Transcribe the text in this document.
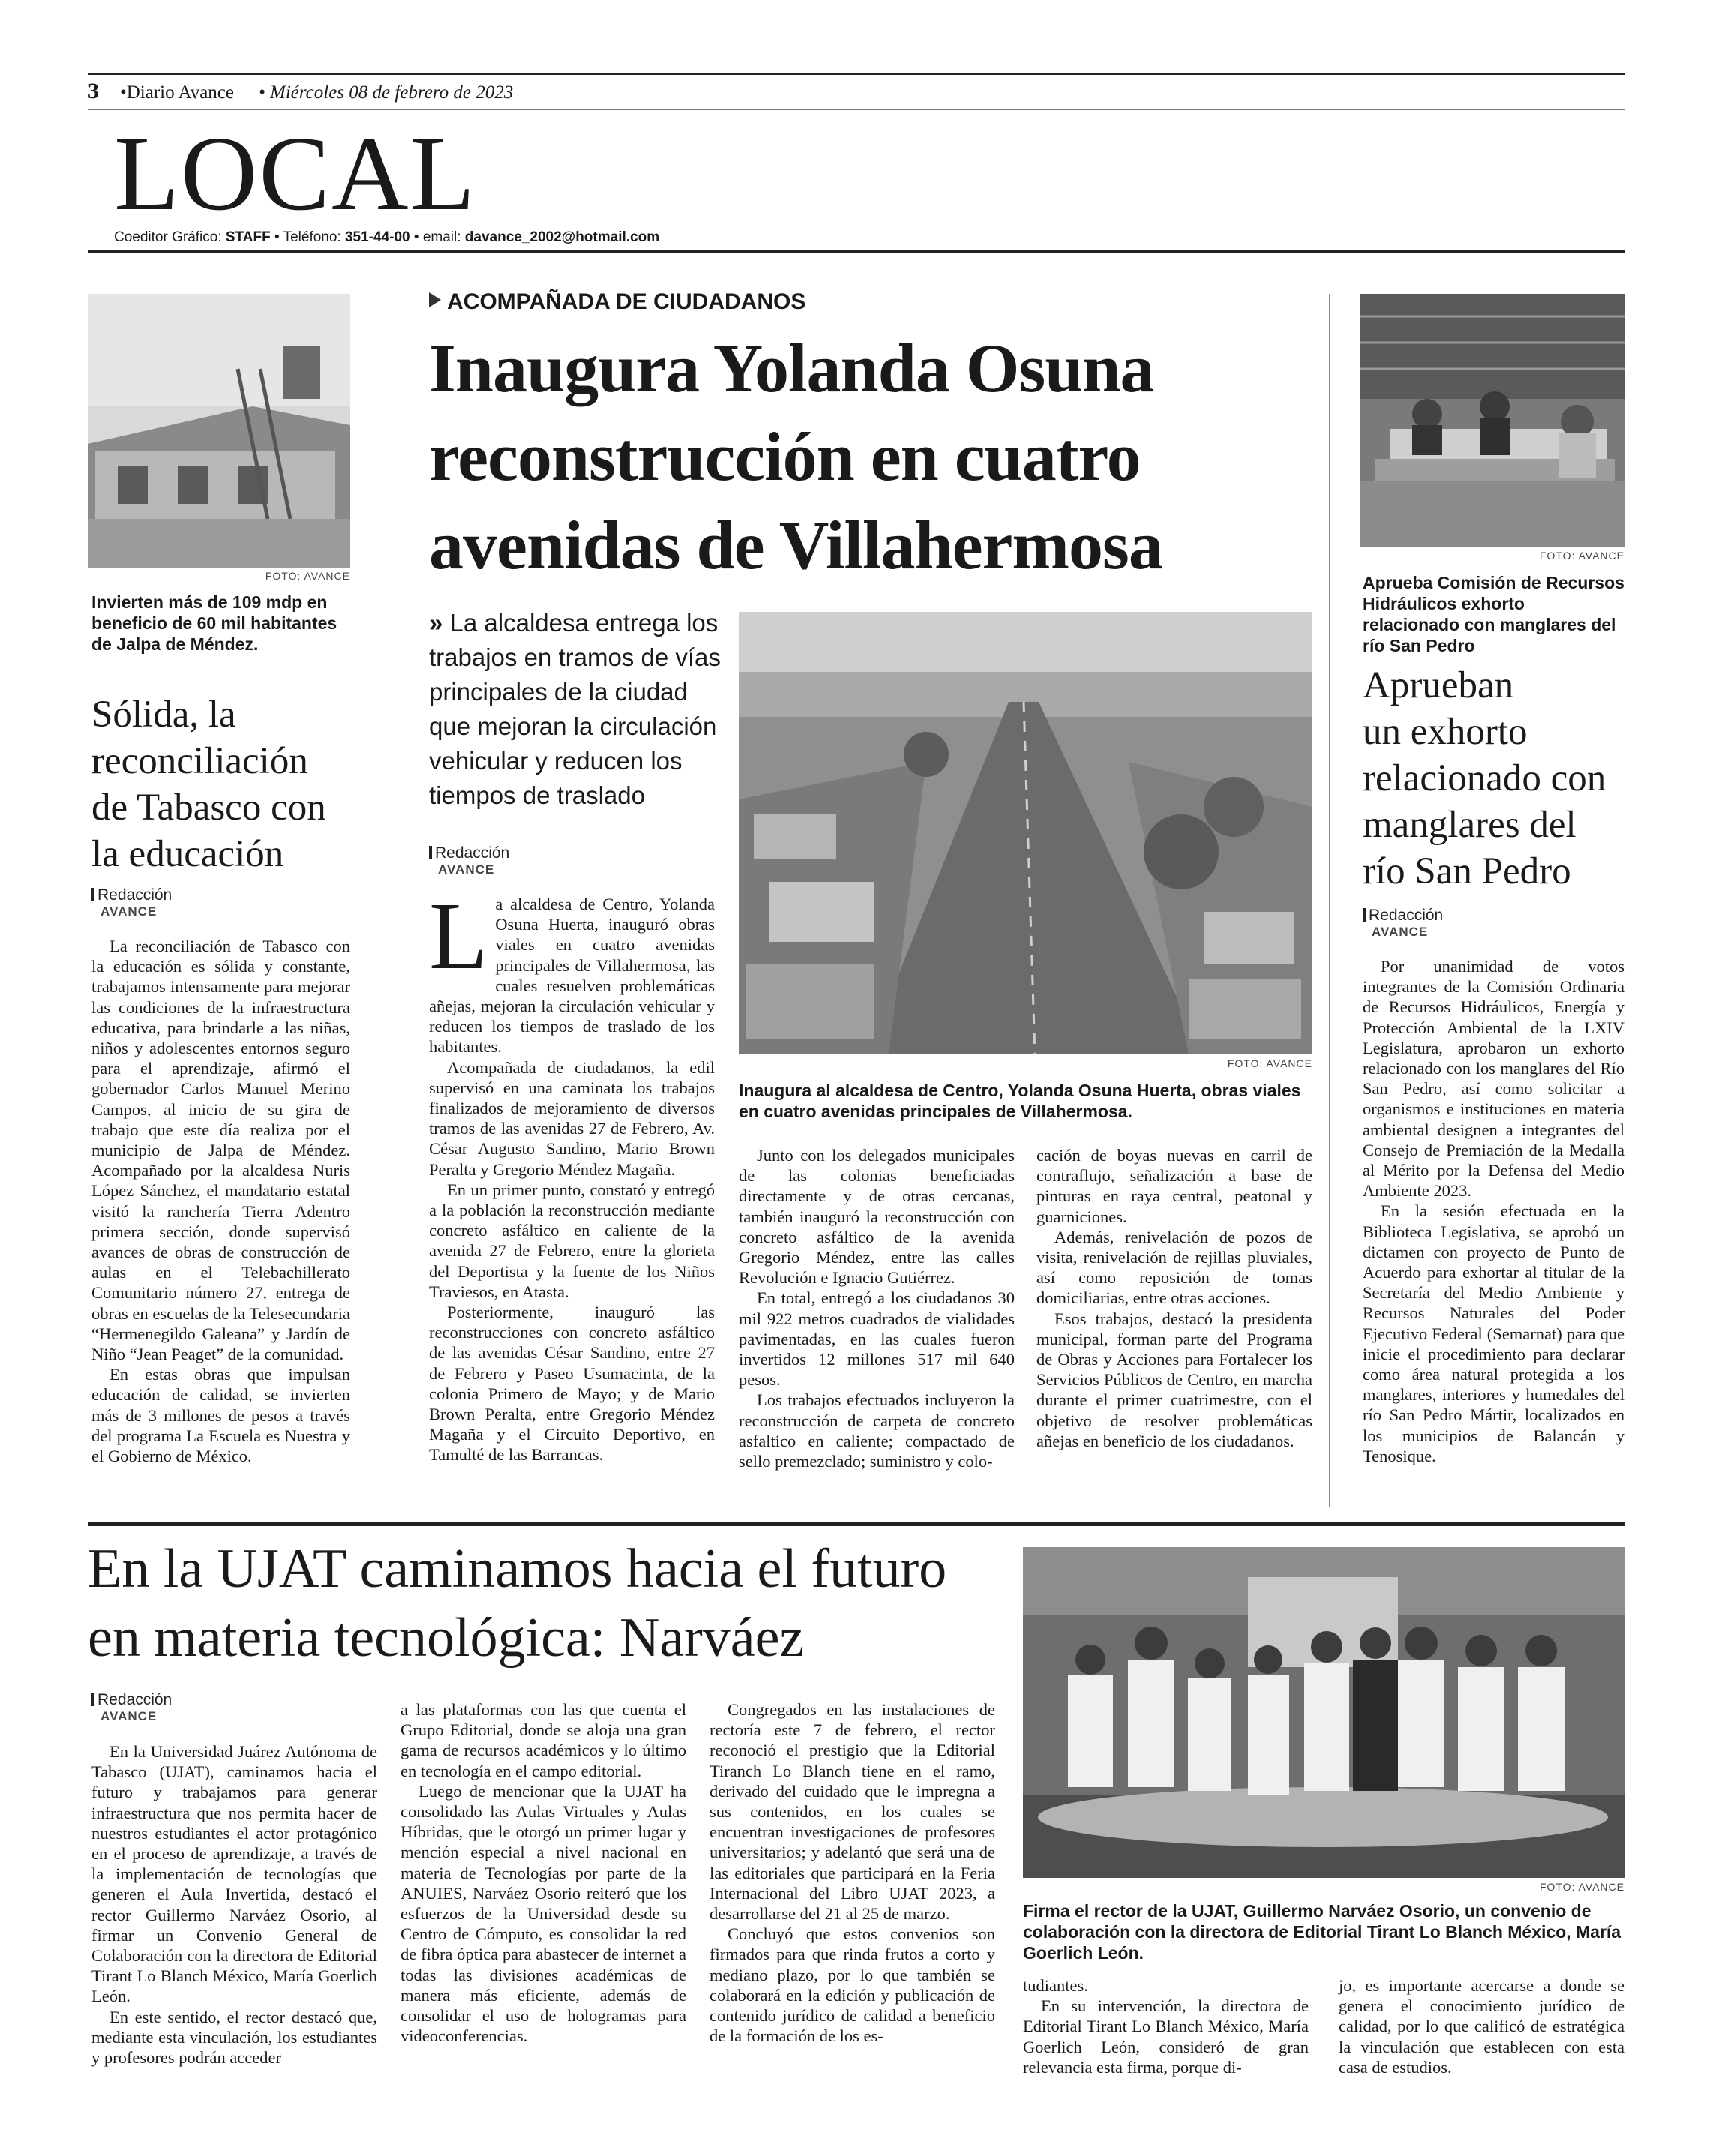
3 •Diario Avance • Miércoles 08 de febrero de 2023
LOCAL
Coeditor Gráfico: STAFF • Teléfono: 351-44-00 • email: davance_2002@hotmail.com
FOTO: AVANCE
Invierten más de 109 mdp en beneficio de 60 mil habitantes de Jalpa de Méndez.
Sólida, la
reconciliación
de Tabasco con
la educación
Redacción
AVANCE

La reconciliación de Tabasco con la educación es sólida y constante, trabajamos intensamente para mejorar las condiciones de la infraestructura educativa, para brindarle a las niñas, niños y adolescentes entornos seguro para el aprendizaje, afirmó el gobernador Carlos Manuel Merino Campos, al inicio de su gira de trabajo que este día realiza por el municipio de Jalpa de Méndez. Acompañado por la alcaldesa Nuris López Sánchez, el mandatario estatal visitó la ranchería Tierra Adentro primera sección, donde supervisó avances de obras de construcción de aulas en el Telebachillerato Comunitario número 27, entrega de obras en escuelas de la Telesecundaria “Hermenegildo Galeana” y Jardín de Niño “Jean Peaget” de la comunidad.

En estas obras que impulsan educación de calidad, se invierten más de 3 millones de pesos a través del programa La Escuela es Nuestra y el Gobierno de México.

ACOMPAÑADA DE CIUDADANOS
Inaugura Yolanda Osuna
reconstrucción en cuatro
avenidas de Villahermosa
» La alcaldesa entrega los trabajos en tramos de vías principales de la ciudad que mejoran la circulación vehicular y reducen los tiempos de traslado
Redacción
AVANCE

La alcaldesa de Centro, Yolanda Osuna Huerta, inauguró obras viales en cuatro avenidas principales de Villahermosa, las cuales resuelven problemáticas añejas, mejoran la circulación vehicular y reducen los tiempos de traslado de los habitantes.

Acompañada de ciudadanos, la edil supervisó en una caminata los trabajos finalizados de mejoramiento de diversos tramos de las avenidas 27 de Febrero, Av. César Augusto Sandino, Mario Brown Peralta y Gregorio Méndez Magaña.

En un primer punto, constató y entregó a la población la reconstrucción mediante concreto asfáltico en caliente de la avenida 27 de Febrero, entre la glorieta del Deportista y la fuente de los Niños Traviesos, en Atasta.

Posteriormente, inauguró las reconstrucciones con concreto asfáltico de las avenidas César Sandino, entre 27 de Febrero y Paseo Usumacinta, de la colonia Primero de Mayo; y de Mario Brown Peralta, entre Gregorio Méndez Magaña y el Circuito Deportivo, en Tamulté de las Barrancas.

FOTO: AVANCE
Inaugura al alcaldesa de Centro, Yolanda Osuna Huerta, obras viales en cuatro avenidas principales de Villahermosa.

Junto con los delegados municipales de las colonias beneficiadas directamente y de otras cercanas, también inauguró la reconstrucción con concreto asfáltico de la avenida Gregorio Méndez, entre las calles Revolución e Ignacio Gutiérrez.

En total, entregó a los ciudadanos 30 mil 922 metros cuadrados de vialidades pavimentadas, en las cuales fueron invertidos 12 millones 517 mil 640 pesos.

Los trabajos efectuados incluyeron la reconstrucción de carpeta de concreto asfaltico en caliente; compactado de sello premezclado; suministro y colo-

cación de boyas nuevas en carril de contraflujo, señalización a base de pinturas en raya central, peatonal y guarniciones.

Además, renivelación de pozos de visita, renivelación de rejillas pluviales, así como reposición de tomas domiciliarias, entre otras acciones.

Esos trabajos, destacó la presidenta municipal, forman parte del Programa de Obras y Acciones para Fortalecer los Servicios Públicos de Centro, en marcha durante el primer cuatrimestre, con el objetivo de resolver problemáticas añejas en beneficio de los ciudadanos.

FOTO: AVANCE
Aprueba Comisión de Recursos Hidráulicos exhorto relacionado con manglares del río San Pedro
Aprueban
un exhorto
relacionado con
manglares del
río San Pedro
Redacción
AVANCE

Por unanimidad de votos integrantes de la Comisión Ordinaria de Recursos Hidráulicos, Energía y Protección Ambiental de la LXIV Legislatura, aprobaron un exhorto relacionado con los manglares del Río San Pedro, así como solicitar a organismos e instituciones en materia ambiental designen a integrantes del Consejo de Premiación de la Medalla al Mérito por la Defensa del Medio Ambiente 2023.

En la sesión efectuada en la Biblioteca Legislativa, se aprobó un dictamen con proyecto de Punto de Acuerdo para exhortar al titular de la Secretaría del Medio Ambiente y Recursos Naturales del Poder Ejecutivo Federal (Semarnat) para que inicie el procedimiento para declarar como área natural protegida a los manglares, interiores y humedales del río San Pedro Mártir, localizados en los municipios de Balancán y Tenosique.

En la UJAT caminamos hacia el futuro
en materia tecnológica: Narváez
Redacción
AVANCE

En la Universidad Juárez Autónoma de Tabasco (UJAT), caminamos hacia el futuro y trabajamos para generar infraestructura que nos permita hacer de nuestros estudiantes el actor protagónico en el proceso de aprendizaje, a través de la implementación de tecnologías que generen el Aula Invertida, destacó el rector Guillermo Narváez Osorio, al firmar un Convenio General de Colaboración con la directora de Editorial Tirant Lo Blanch México, María Goerlich León.

En este sentido, el rector destacó que, mediante esta vinculación, los estudiantes y profesores podrán acceder

a las plataformas con las que cuenta el Grupo Editorial, donde se aloja una gran gama de recursos académicos y lo último en tecnología en el campo editorial.

Luego de mencionar que la UJAT ha consolidado las Aulas Virtuales y Aulas Híbridas, que le otorgó un primer lugar y mención especial a nivel nacional en materia de Tecnologías por parte de la ANUIES, Narváez Osorio reiteró que los esfuerzos de la Universidad desde su Centro de Cómputo, es consolidar la red de fibra óptica para abastecer de internet a todas las divisiones académicas de manera más eficiente, además de consolidar el uso de hologramas para videoconferencias.

Congregados en las instalaciones de rectoría este 7 de febrero, el rector reconoció el prestigio que la Editorial Tiranch Lo Blanch tiene en el ramo, derivado del cuidado que le impregna a sus contenidos, en los cuales se encuentran investigaciones de profesores universitarios; y adelantó que será una de las editoriales que participará en la Feria Internacional del Libro UJAT 2023, a desarrollarse del 21 al 25 de marzo.

Concluyó que estos convenios son firmados para que rinda frutos a corto y mediano plazo, por lo que también se colaborará en la edición y publicación de contenido jurídico de calidad a beneficio de la formación de los es-

FOTO: AVANCE
Firma el rector de la UJAT, Guillermo Narváez Osorio, un convenio de colaboración con la directora de Editorial Tirant Lo Blanch México, María Goerlich León.

tudiantes.

En su intervención, la directora de Editorial Tirant Lo Blanch México, María Goerlich León, consideró de gran relevancia esta firma, porque di-

jo, es importante acercarse a donde se genera el conocimiento jurídico de calidad, por lo que calificó de estratégica la vinculación que establecen con esta casa de estudios.
